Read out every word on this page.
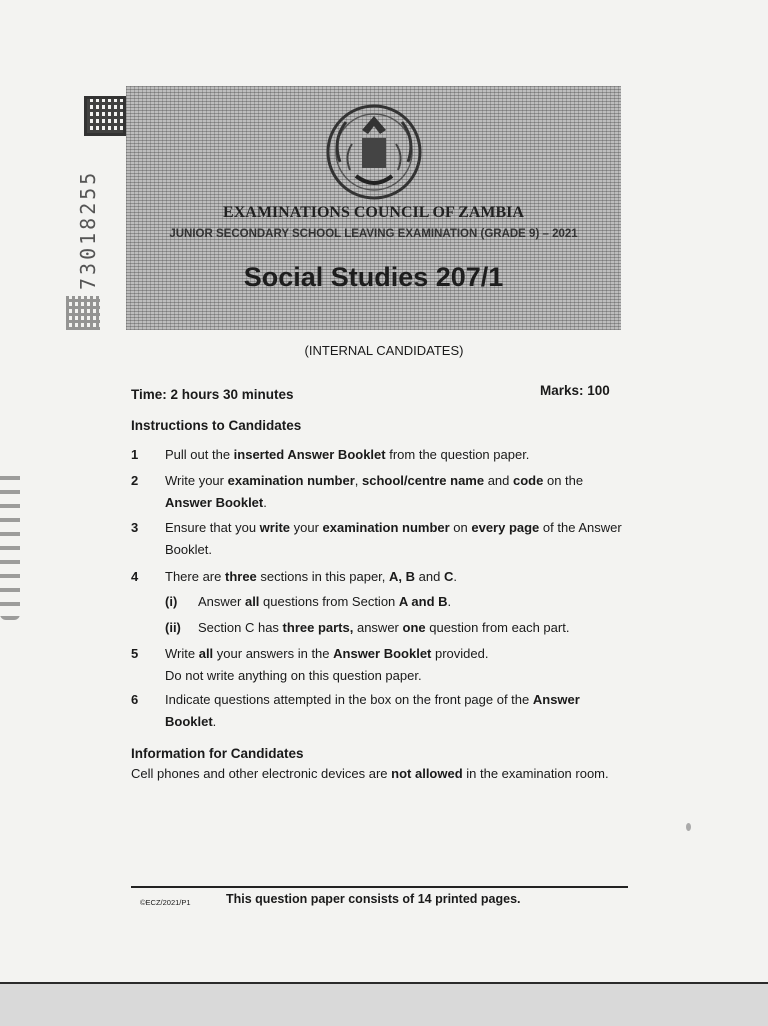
73018255	EXAMINATIONS COUNCIL OF ZAMBIA
JUNIOR SECONDARY SCHOOL LEAVING EXAMINATION (GRADE 9) – 2021
Social Studies 207/1
(INTERNAL CANDIDATES)
Time: 2 hours 30 minutes	Marks: 100
Instructions to Candidates
1 Pull out the inserted Answer Booklet from the question paper.
2 Write your examination number, school/centre name and code on the Answer Booklet.
3 Ensure that you write your examination number on every page of the Answer Booklet.
4 There are three sections in this paper, A, B and C.
(i) Answer all questions from Section A and B.
(ii) Section C has three parts, answer one question from each part.
5 Write all your answers in the Answer Booklet provided.
Do not write anything on this question paper.
6 Indicate questions attempted in the box on the front page of the Answer Booklet.
Information for Candidates
Cell phones and other electronic devices are not allowed in the examination room.
©ECZ/2021/P1	This question paper consists of 14 printed pages.
